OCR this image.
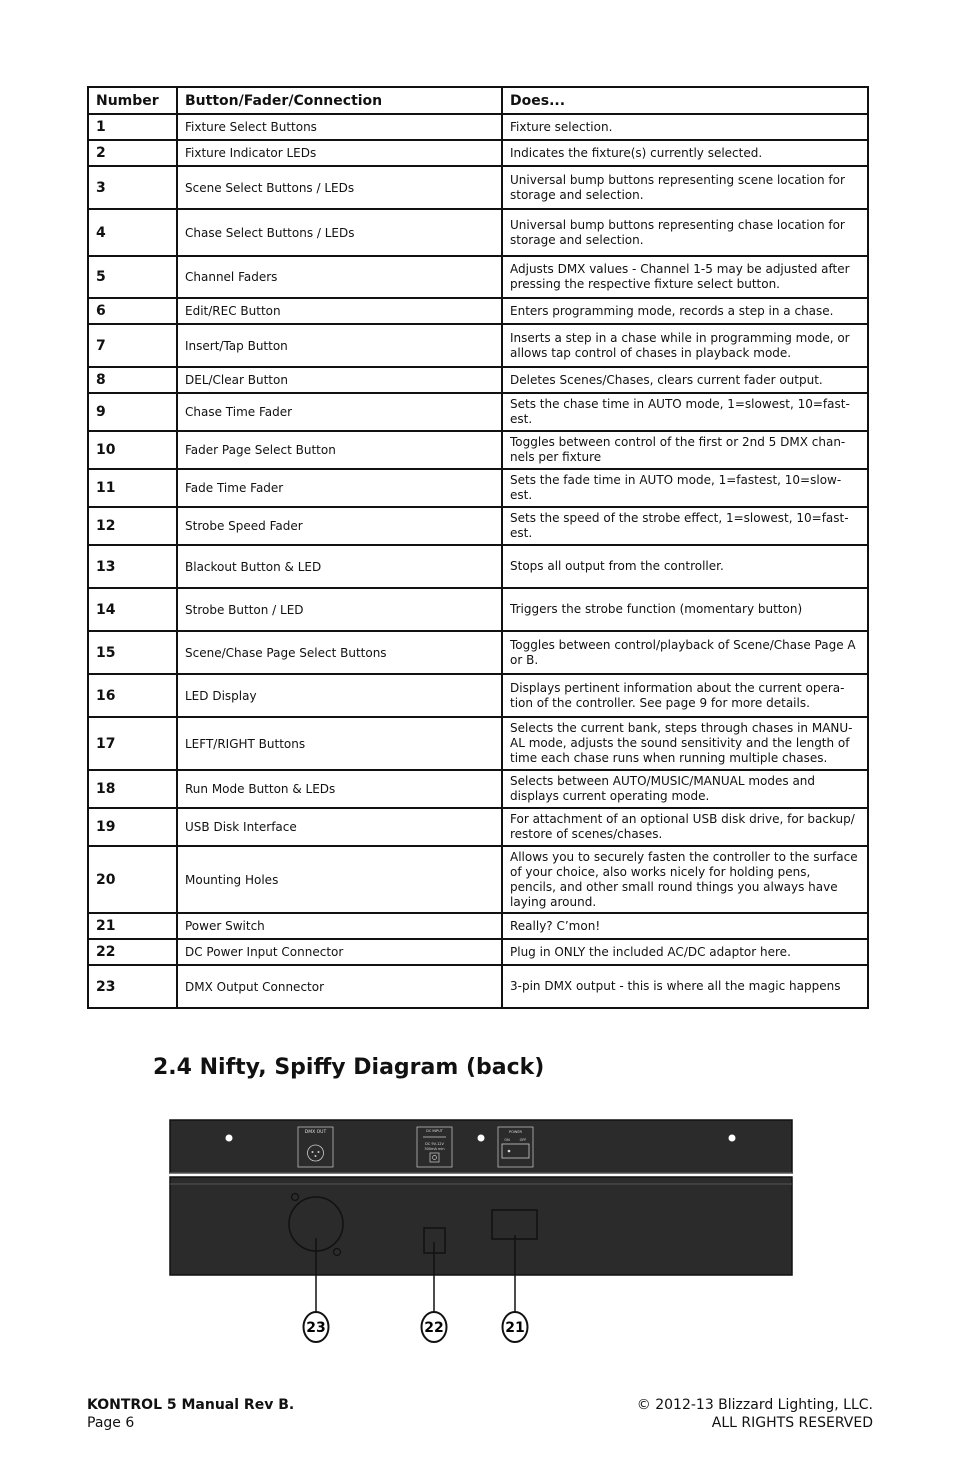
Number	Button/Fader/Connection	Does...
1	Fixture Select Buttons	Fixture selection.
2	Fixture Indicator LEDs	Indicates the fixture(s) currently selected.
3	Scene Select Buttons / LEDs	Universal bump buttons representing scene location for storage and selection.
4	Chase Select Buttons / LEDs	Universal bump buttons representing chase location for storage and selection.
5	Channel Faders	Adjusts DMX values - Channel 1-5 may be adjusted after pressing the respective fixture select button.
6	Edit/REC Button	Enters programming mode, records a step in a chase.
7	Insert/Tap Button	Inserts a step in a chase while in programming mode, or allows tap control of chases in playback mode.
8	DEL/Clear Button	Deletes Scenes/Chases, clears current fader output.
9	Chase Time Fader	Sets the chase time in AUTO mode, 1=slowest, 10=fast- est.
10	Fader Page Select Button	Toggles between control of the first or 2nd 5 DMX chan- nels per fixture
11	Fade Time Fader	Sets the fade time in AUTO mode, 1=fastest, 10=slow- est.
12	Strobe Speed Fader	Sets the speed of the strobe effect, 1=slowest, 10=fast- est.
13	Blackout Button & LED	Stops all output from the controller.
14	Strobe Button / LED	Triggers the strobe function (momentary button)
15	Scene/Chase Page Select Buttons	Toggles between control/playback of Scene/Chase Page A or B.
16	LED Display	Displays pertinent information about the current opera- tion of the controller. See page 9 for more details.
17	LEFT/RIGHT Buttons	Selects the current bank, steps through chases in MANU- AL mode, adjusts the sound sensitivity and the length of time each chase runs when running multiple chases.
18	Run Mode Button & LEDs	Selects between AUTO/MUSIC/MANUAL modes and displays current operating mode.
19	USB Disk Interface	For attachment of an optional USB disk drive, for backup/ restore of scenes/chases.
20	Mounting Holes	Allows you to securely fasten the controller to the surface of your choice, also works nicely for holding pens, pencils, and other small round things you always have laying around.
21	Power Switch	Really? C’mon!
22	DC Power Input Connector	Plug in ONLY the included AC/DC adaptor here.
23	DMX Output Connector	3-pin DMX output - this is where all the magic happens
2.4 Nifty, Spiffy Diagram (back)
DMX OUT	DC INPUT
DC 9V-12V
300mA min
POWER
ON	OFF
23	22	21
KONTROL 5 Manual Rev B.
Page 6
© 2012-13 Blizzard Lighting, LLC.
ALL RIGHTS RESERVED
